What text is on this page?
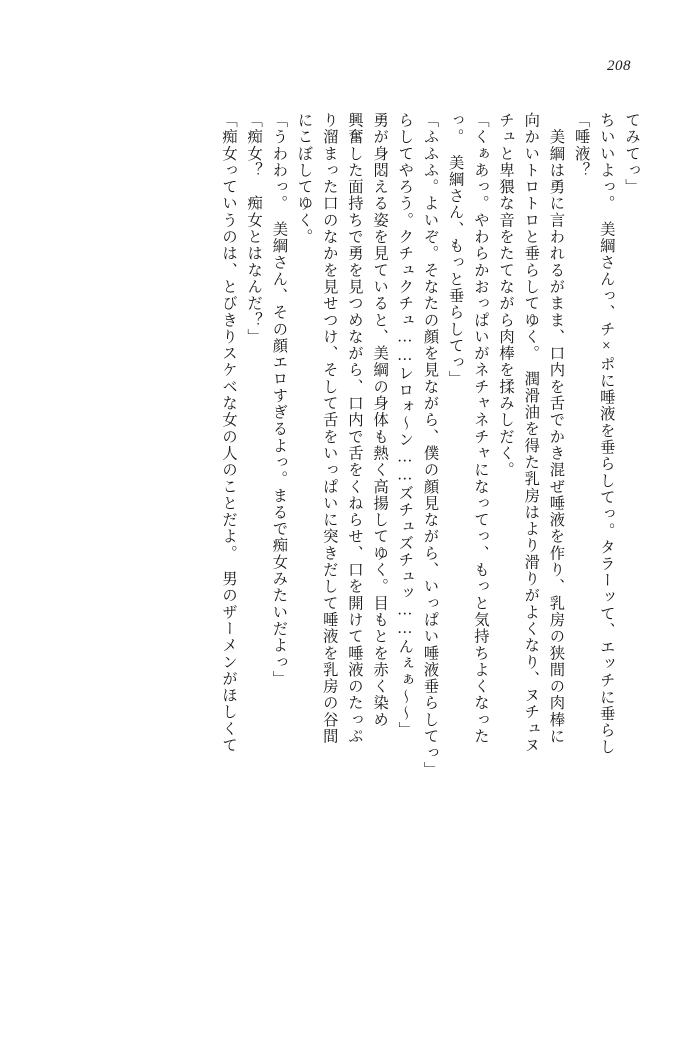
208
てみてっ」
ちいいよっ。　美綱さんっ、チ×ポに唾液を垂らしてっ。タラーッて、エッチに垂らし
「唾液？
　美綱は勇に言われるがまま、口内を舌でかき混ぜ唾液を作り、乳房の狭間の肉棒に
向かいトロトロと垂らしてゆく。　潤滑油を得た乳房はより滑りがよくなり、ヌチュヌ
チュと卑猥な音をたてながら肉棒を揉みしだく。
「くぁあっ。やわらかおっぱいがネチャネチャになってっ、もっと気持ちよくなった
っ。　美綱さん、もっと垂らしてっ」
「ふふふ。よいぞ。そなたの顔を見ながら、僕の顔見ながら、いっぱい唾液垂らしてっ」
らしてやろう。クチュクチュ……レロォ～ン……ズチュズチュッ……んぇぁ～～」
勇が身悶える姿を見ていると、美綱の身体も熱く高揚してゆく。目もとを赤く染め
興奮した面持ちで勇を見つめながら、口内で舌をくねらせ、口を開けて唾液のたっぷ
り溜まった口のなかを見せつけ、そして舌をいっぱいに突きだして唾液を乳房の谷間
にこぼしてゆく。
「うわわっ。　美綱さん、その顔エロすぎるよっ。まるで痴女みたいだよっ」
「痴女？　痴女とはなんだ？」
「痴女っていうのは、とびきりスケベな女の人のことだよ。　男のザーメンがほしくて
